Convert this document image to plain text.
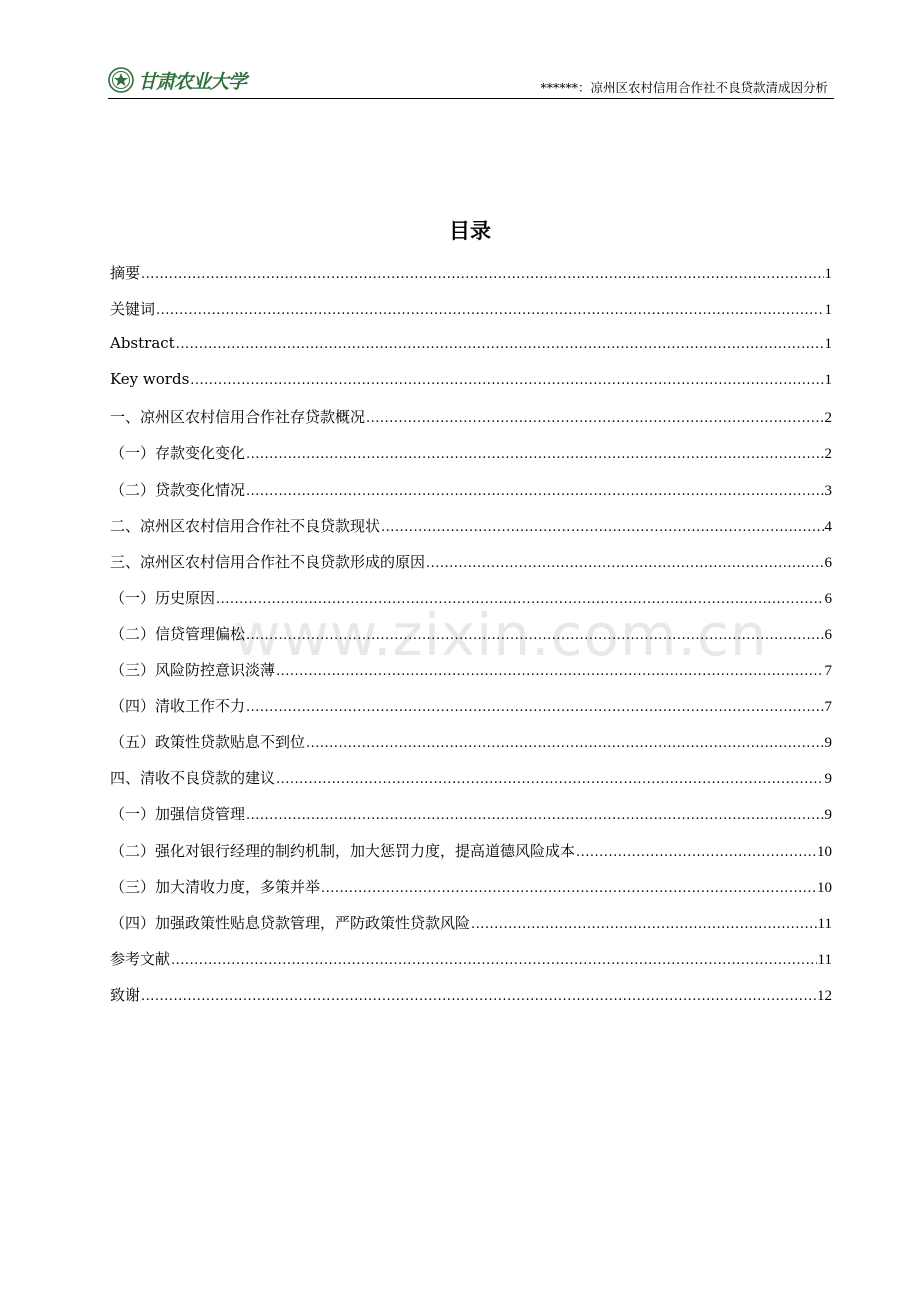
甘肃农业大学	******：凉州区农村信用合作社不良贷款清成因分析
www.zixin.com.cn
目录
摘要 .....	1
关键词 .....	1
Abstract .....	1
Key words .....	1
一、凉州区农村信用合作社存贷款概况 .....	2
（一）存款变化变化 .....	2
（二）贷款变化情况 .....	3
二、凉州区农村信用合作社不良贷款现状 .....	4
三、凉州区农村信用合作社不良贷款形成的原因 .....	6
（一）历史原因 .....	6
（二）信贷管理偏松 .....	6
（三）风险防控意识淡薄 .....	7
（四）清收工作不力 .....	7
（五）政策性贷款贴息不到位 .....	9
四、清收不良贷款的建议 .....	9
（一）加强信贷管理 .....	9
（二）强化对银行经理的制约机制，加大惩罚力度，提高道德风险成本 .....	10
（三）加大清收力度，多策并举 .....	10
（四）加强政策性贴息贷款管理，严防政策性贷款风险 .....	11
参考文献 .....	11
致谢 .....	12
